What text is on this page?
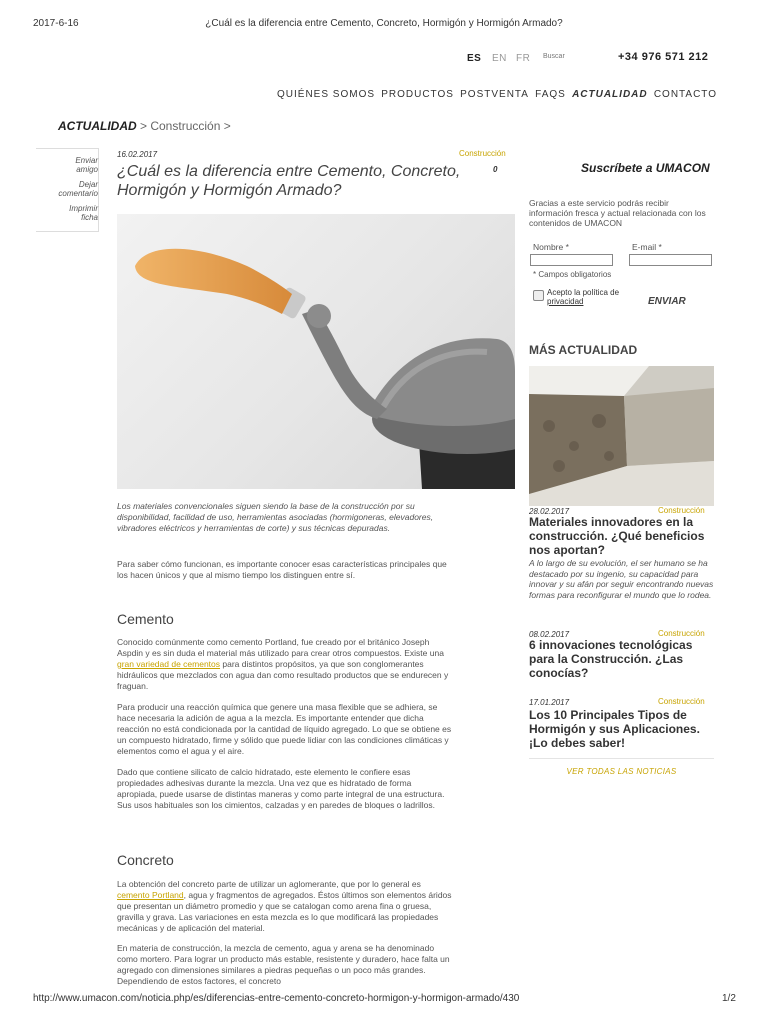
2017-6-16	¿Cuál es la diferencia entre Cemento, Concreto, Hormigón y Hormigón Armado?
ES EN FR Buscar	+34 976 571 212
QUIÉNES SOMOS PRODUCTOS POSTVENTA FAQS ACTUALIDAD CONTACTO
ACTUALIDAD > Construcción >
Enviar
amigo
Dejar
comentario
Imprimir
ficha
16.02.2017	Construcción
0
¿Cuál es la diferencia entre Cemento, Concreto, Hormigón y Hormigón Armado?
Los materiales convencionales siguen siendo la base de la construcción por su disponibilidad, facilidad de uso, herramientas asociadas (hormigoneras, elevadores, vibradores eléctricos y herramientas de corte) y sus técnicas depuradas.
Para saber cómo funcionan, es importante conocer esas características principales que los hacen únicos y que al mismo tiempo los distinguen entre sí.
Cemento
Conocido comúnmente como cemento Portland, fue creado por el británico Joseph Aspdin y es sin duda el material más utilizado para crear otros compuestos. Existe una gran variedad de cementos para distintos propósitos, ya que son conglomerantes hidráulicos que mezclados con agua dan como resultado productos que se endurecen y fraguan.
Para producir una reacción química que genere una masa flexible que se adhiera, se hace necesaria la adición de agua a la mezcla. Es importante entender que dicha reacción no está condicionada por la cantidad de líquido agregado. Lo que se obtiene es un compuesto hidratado, firme y sólido que puede lidiar con las condiciones climáticas y elementos como el agua y el aire.
Dado que contiene silicato de calcio hidratado, este elemento le confiere esas propiedades adhesivas durante la mezcla. Una vez que es hidratado de forma apropiada, puede usarse de distintas maneras y como parte integral de una estructura. Sus usos habituales son los cimientos, calzadas y en paredes de bloques o ladrillos.
Concreto
La obtención del concreto parte de utilizar un aglomerante, que por lo general es cemento Portland, agua y fragmentos de agregados. Éstos últimos son elementos áridos que presentan un diámetro promedio y que se catalogan como arena fina o gruesa, gravilla y grava. Las variaciones en esta mezcla es lo que modificará las propiedades mecánicas y de aplicación del material.
En materia de construcción, la mezcla de cemento, agua y arena se ha denominado como mortero. Para lograr un producto más estable, resistente y duradero, hace falta un agregado con dimensiones similares a piedras pequeñas o un poco más grandes. Dependiendo de estos factores, el concreto
Suscríbete a UMACON
Gracias a este servicio podrás recibir información fresca y actual relacionada con los contenidos de UMACON
Nombre *	E-mail *
* Campos obligatorios
Acepto la política de
privacidad	ENVIAR
MÁS ACTUALIDAD
28.02.2017	Construcción
Materiales innovadores en la construcción. ¿Qué beneficios nos aportan?
A lo largo de su evolución, el ser humano se ha destacado por su ingenio, su capacidad para innovar y su afán por seguir encontrando nuevas formas para reconfigurar el mundo que lo rodea.
08.02.2017	Construcción
6 innovaciones tecnológicas para la Construcción. ¿Las conocías?
17.01.2017	Construcción
Los 10 Principales Tipos de Hormigón y sus Aplicaciones. ¡Lo debes saber!
VER TODAS LAS NOTICIAS
http://www.umacon.com/noticia.php/es/diferencias-entre-cemento-concreto-hormigon-y-hormigon-armado/430	1/2
